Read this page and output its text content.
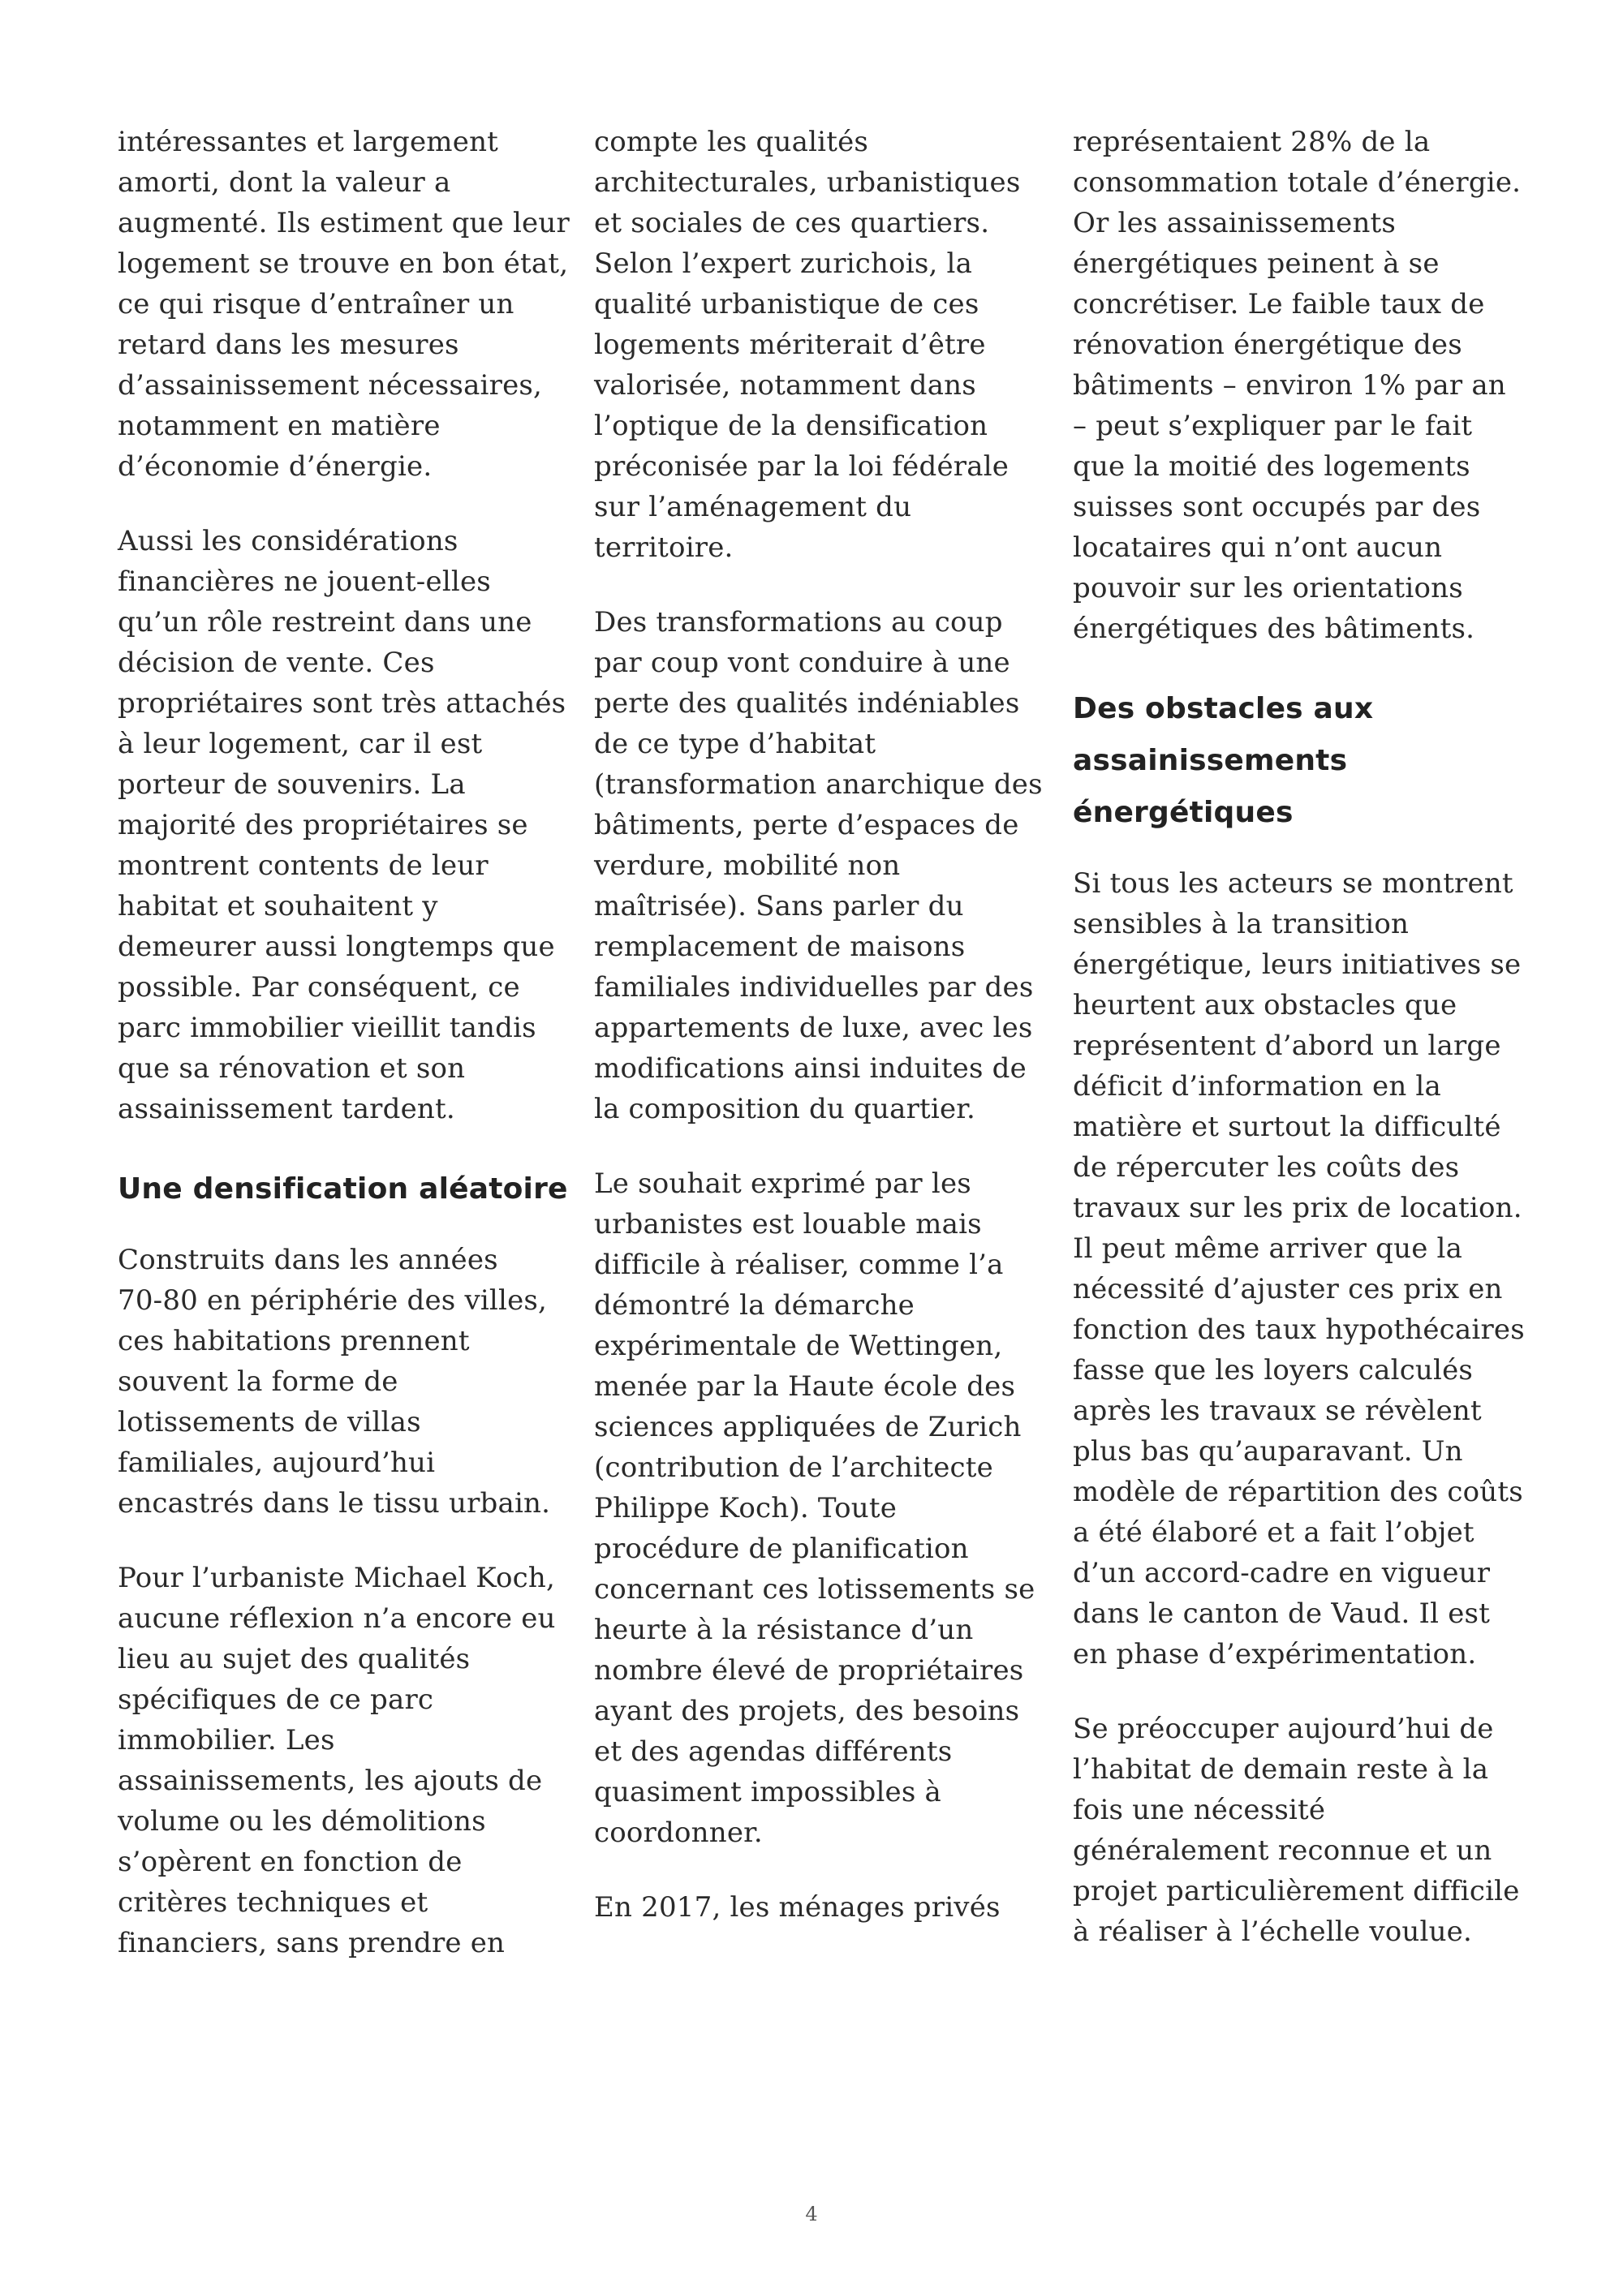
intéressantes et largement
amorti, dont la valeur a
augmenté. Ils estiment que leur
logement se trouve en bon état,
ce qui risque d’entraîner un
retard dans les mesures
d’assainissement nécessaires,
notamment en matière
d’économie d’énergie.

Aussi les considérations
financières ne jouent-elles
qu’un rôle restreint dans une
décision de vente. Ces
propriétaires sont très attachés
à leur logement, car il est
porteur de souvenirs. La
majorité des propriétaires se
montrent contents de leur
habitat et souhaitent y
demeurer aussi longtemps que
possible. Par conséquent, ce
parc immobilier vieillit tandis
que sa rénovation et son
assainissement tardent.

Une densification aléatoire

Construits dans les années
70-80 en périphérie des villes,
ces habitations prennent
souvent la forme de
lotissements de villas
familiales, aujourd’hui
encastrés dans le tissu urbain.

Pour l’urbaniste Michael Koch,
aucune réflexion n’a encore eu
lieu au sujet des qualités
spécifiques de ce parc
immobilier. Les
assainissements, les ajouts de
volume ou les démolitions
s’opèrent en fonction de
critères techniques et
financiers, sans prendre en

compte les qualités
architecturales, urbanistiques
et sociales de ces quartiers.
Selon l’expert zurichois, la
qualité urbanistique de ces
logements mériterait d’être
valorisée, notamment dans
l’optique de la densification
préconisée par la loi fédérale
sur l’aménagement du
territoire.

Des transformations au coup
par coup vont conduire à une
perte des qualités indéniables
de ce type d’habitat
(transformation anarchique des
bâtiments, perte d’espaces de
verdure, mobilité non
maîtrisée). Sans parler du
remplacement de maisons
familiales individuelles par des
appartements de luxe, avec les
modifications ainsi induites de
la composition du quartier.

Le souhait exprimé par les
urbanistes est louable mais
difficile à réaliser, comme l’a
démontré la démarche
expérimentale de Wettingen,
menée par la Haute école des
sciences appliquées de Zurich
(contribution de l’architecte
Philippe Koch). Toute
procédure de planification
concernant ces lotissements se
heurte à la résistance d’un
nombre élevé de propriétaires
ayant des projets, des besoins
et des agendas différents
quasiment impossibles à
coordonner.

En 2017, les ménages privés

représentaient 28% de la
consommation totale d’énergie.
Or les assainissements
énergétiques peinent à se
concrétiser. Le faible taux de
rénovation énergétique des
bâtiments – environ 1% par an
– peut s’expliquer par le fait
que la moitié des logements
suisses sont occupés par des
locataires qui n’ont aucun
pouvoir sur les orientations
énergétiques des bâtiments.

Des obstacles aux
assainissements
énergétiques

Si tous les acteurs se montrent
sensibles à la transition
énergétique, leurs initiatives se
heurtent aux obstacles que
représentent d’abord un large
déficit d’information en la
matière et surtout la difficulté
de répercuter les coûts des
travaux sur les prix de location.
Il peut même arriver que la
nécessité d’ajuster ces prix en
fonction des taux hypothécaires
fasse que les loyers calculés
après les travaux se révèlent
plus bas qu’auparavant. Un
modèle de répartition des coûts
a été élaboré et a fait l’objet
d’un accord-cadre en vigueur
dans le canton de Vaud. Il est
en phase d’expérimentation.

Se préoccuper aujourd’hui de
l’habitat de demain reste à la
fois une nécessité
généralement reconnue et un
projet particulièrement difficile
à réaliser à l’échelle voulue.

4
